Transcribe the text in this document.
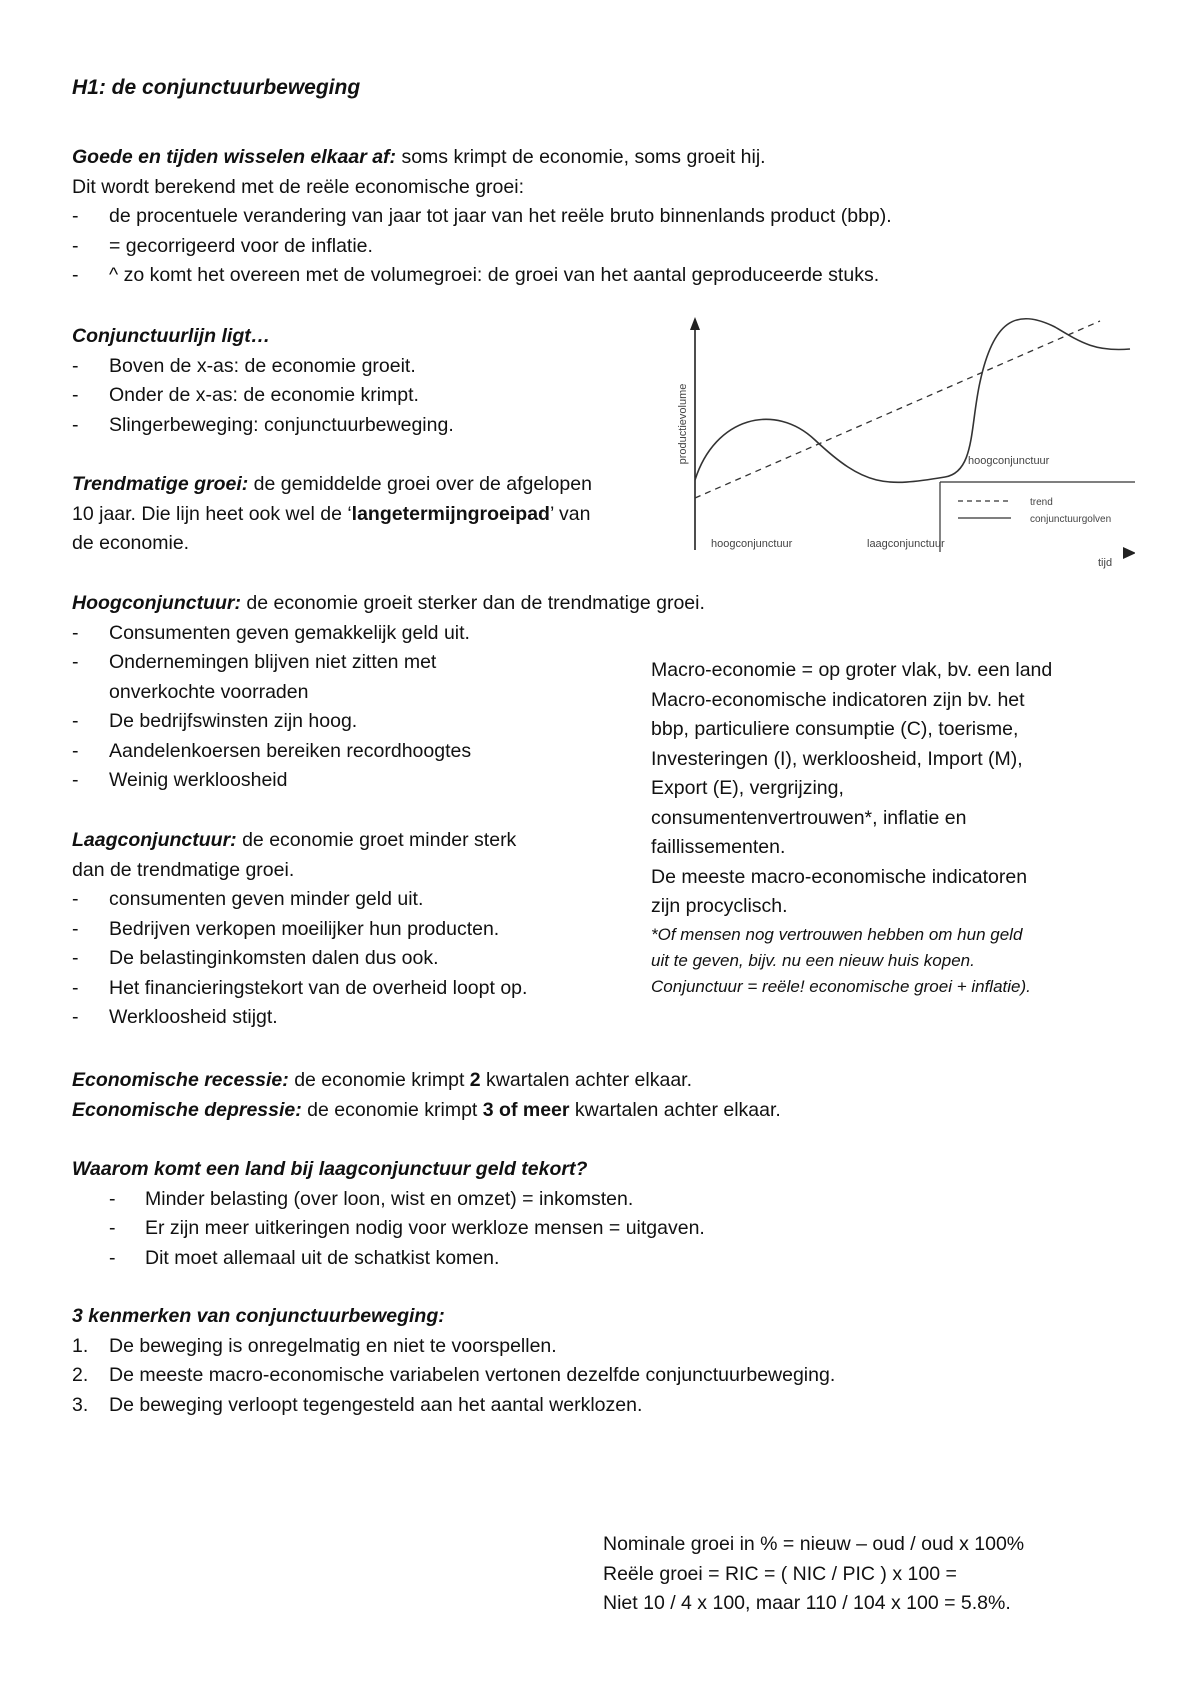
H1: de conjunctuurbeweging
Goede en tijden wisselen elkaar af: soms krimpt de economie, soms groeit hij.
Dit wordt berekend met de reële economische groei:
- de procentuele verandering van jaar tot jaar van het reële bruto binnenlands product (bbp).
- = gecorrigeerd voor de inflatie.
- ^ zo komt het overeen met de volumegroei: de groei van het aantal geproduceerde stuks.
Conjunctuurlijn ligt…
- Boven de x-as: de economie groeit.
- Onder de x-as: de economie krimpt.
- Slingerbeweging: conjunctuurbeweging.
Trendmatige groei: de gemiddelde groei over de afgelopen
10 jaar. Die lijn heet ook wel de ‘langetermijngroeipad’ van
de economie.
productievolume
tijd
hoogconjunctuur
hoogconjunctuur	laagconjunctuur
trend
conjunctuurgolven
Hoogconjunctuur: de economie groeit sterker dan de trendmatige groei.
- Consumenten geven gemakkelijk geld uit.
- Ondernemingen blijven niet zitten met
onverkochte voorraden
- De bedrijfswinsten zijn hoog.
- Aandelenkoersen bereiken recordhoogtes
- Weinig werkloosheid
Macro-economie = op groter vlak, bv. een land
Macro-economische indicatoren zijn bv. het
bbp, particuliere consumptie (C), toerisme,
Investeringen (I), werkloosheid, Import (M),
Export (E), vergrijzing,
consumentenvertrouwen*, inflatie en
faillissementen.
De meeste macro-economische indicatoren
zijn procyclisch.
*Of mensen nog vertrouwen hebben om hun geld
uit te geven, bijv. nu een nieuw huis kopen.
Conjunctuur = reële! economische groei + inflatie).
Laagconjunctuur: de economie groet minder sterk
dan de trendmatige groei.
- consumenten geven minder geld uit.
- Bedrijven verkopen moeilijker hun producten.
- De belastinginkomsten dalen dus ook.
- Het financieringstekort van de overheid loopt op.
- Werkloosheid stijgt.
Economische recessie: de economie krimpt 2 kwartalen achter elkaar.
Economische depressie: de economie krimpt 3 of meer kwartalen achter elkaar.
Waarom komt een land bij laagconjunctuur geld tekort?
- Minder belasting (over loon, wist en omzet) = inkomsten.
- Er zijn meer uitkeringen nodig voor werkloze mensen = uitgaven.
- Dit moet allemaal uit de schatkist komen.
3 kenmerken van conjunctuurbeweging:
1. De beweging is onregelmatig en niet te voorspellen.
2. De meeste macro-economische variabelen vertonen dezelfde conjunctuurbeweging.
3. De beweging verloopt tegengesteld aan het aantal werklozen.
Nominale groei in % = nieuw – oud / oud x 100%
Reële groei = RIC = ( NIC / PIC ) x 100 =
Niet 10 / 4 x 100, maar 110 / 104 x 100 = 5.8%.
